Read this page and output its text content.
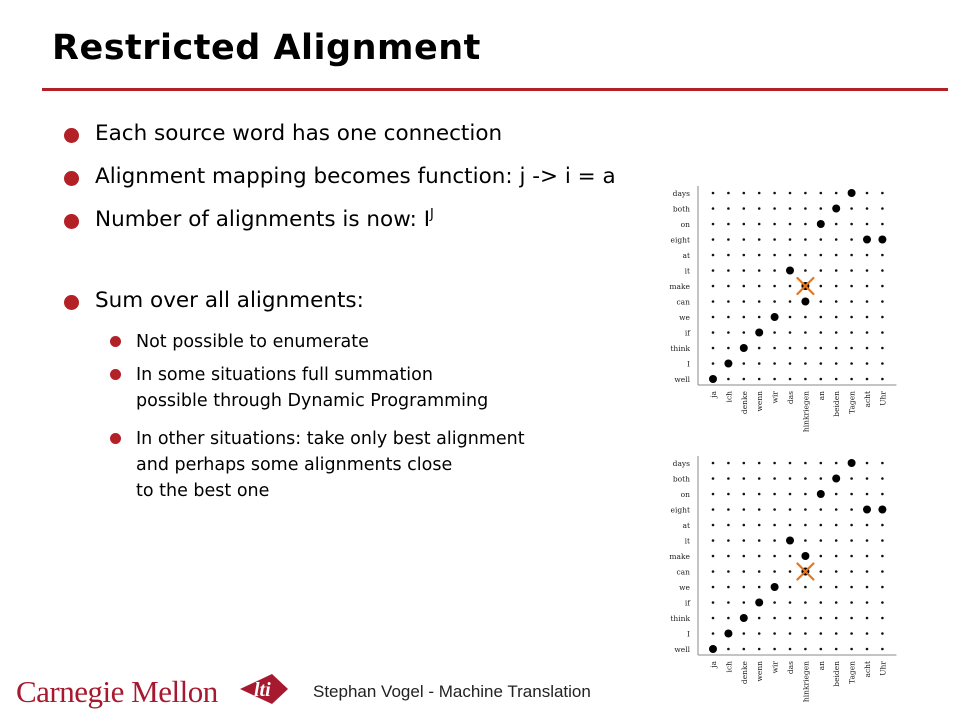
Restricted Alignment
Each source word has one connection
Alignment mapping becomes function: j -> i = a
Number of alignments is now: $I^J$
Sum over all alignments:
Not possible to enumerate
In some situations full summation
possible through Dynamic Programming
In other situations: take only best alignment
and perhaps some alignments close
to the best one
days
both
on
eight
at
it
make
can
we
if
think
I
well
ja ich denke wenn wir das hinkriegen an beiden Tagen acht Uhr
days
both
on
eight
at
it
make
can
we
if
think
I
well
ja ich denke wenn wir das hinkriegen an beiden Tagen acht Uhr
Carnegie Mellon lti Stephan Vogel - Machine Translation
